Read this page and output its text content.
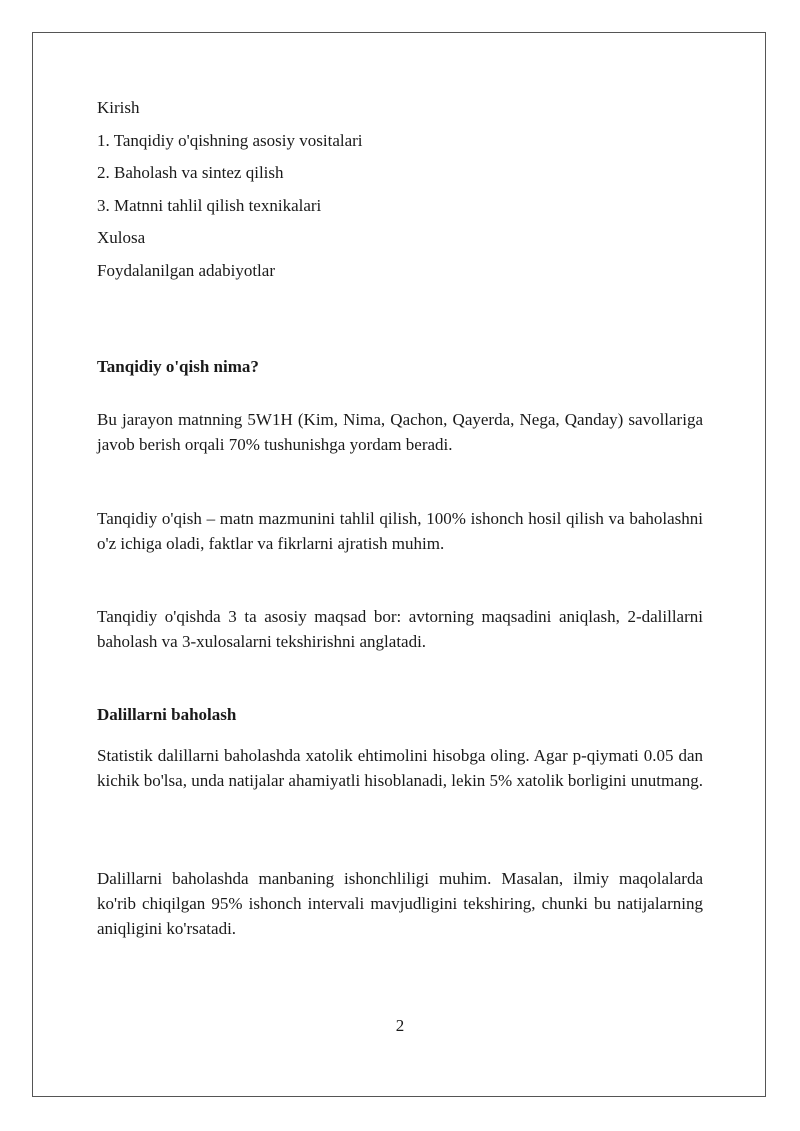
Kirish
1. Tanqidiy o'qishning asosiy vositalari
2. Baholash va sintez qilish
3. Matnni tahlil qilish texnikalari
Xulosa
Foydalanilgan adabiyotlar

Tanqidiy o'qish nima?

Bu jarayon matnning 5W1H (Kim, Nima, Qachon, Qayerda, Nega, Qanday) savollariga javob berish orqali 70% tushunishga yordam beradi.

Tanqidiy o'qish – matn mazmunini tahlil qilish, 100% ishonch hosil qilish va baholashni o'z ichiga oladi, faktlar va fikrlarni ajratish muhim.

Tanqidiy o'qishda 3 ta asosiy maqsad bor: avtorning maqsadini aniqlash, 2-dalillarni baholash va 3-xulosalarni tekshirishni anglatadi.

Dalillarni baholash

Statistik dalillarni baholashda xatolik ehtimolini hisobga oling. Agar p-qiymati 0.05 dan kichik bo'lsa, unda natijalar ahamiyatli hisoblanadi, lekin 5% xatolik borligini unutmang.

Dalillarni baholashda manbaning ishonchliligi muhim. Masalan, ilmiy maqolalarda ko'rib chiqilgan 95% ishonch intervali mavjudligini tekshiring, chunki bu natijalarning aniqligini ko'rsatadi.

2
